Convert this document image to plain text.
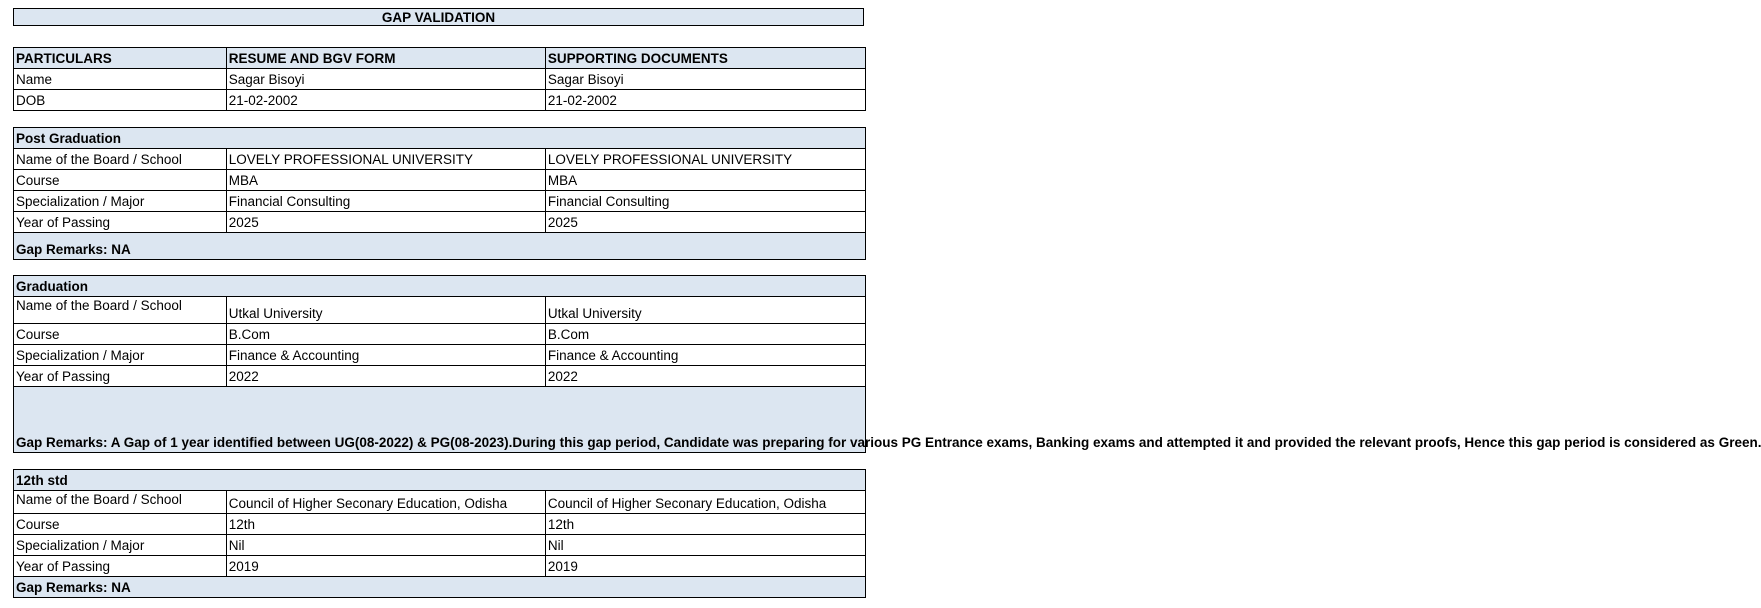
GAP VALIDATION
PARTICULARS	RESUME AND BGV FORM	SUPPORTING DOCUMENTS
Name	Sagar Bisoyi	Sagar Bisoyi
DOB	21-02-2002	21-02-2002
Post Graduation		
Name of the Board / School	LOVELY PROFESSIONAL UNIVERSITY	LOVELY PROFESSIONAL UNIVERSITY
Course	MBA	MBA
Specialization / Major	Financial Consulting	Financial Consulting
Year of Passing	2025	2025
Gap Remarks: NA		
Graduation		
Name of the Board / School	Utkal University	Utkal University
Course	B.Com	B.Com
Specialization / Major	Finance & Accounting	Finance & Accounting
Year of Passing	2022	2022
Gap Remarks: A Gap of 1 year identified between UG(08-2022) & PG(08-2023).During this gap period, Candidate was preparing for various PG Entrance exams, Banking exams and attempted it and provided the relevant proofs, Hence this gap period is considered as Green.		
12th std		
Name of the Board / School	Council of Higher Seconary Education, Odisha	Council of Higher Seconary Education, Odisha
Course	12th	12th
Specialization / Major	Nil	Nil
Year of Passing	2019	2019
Gap Remarks: NA		
